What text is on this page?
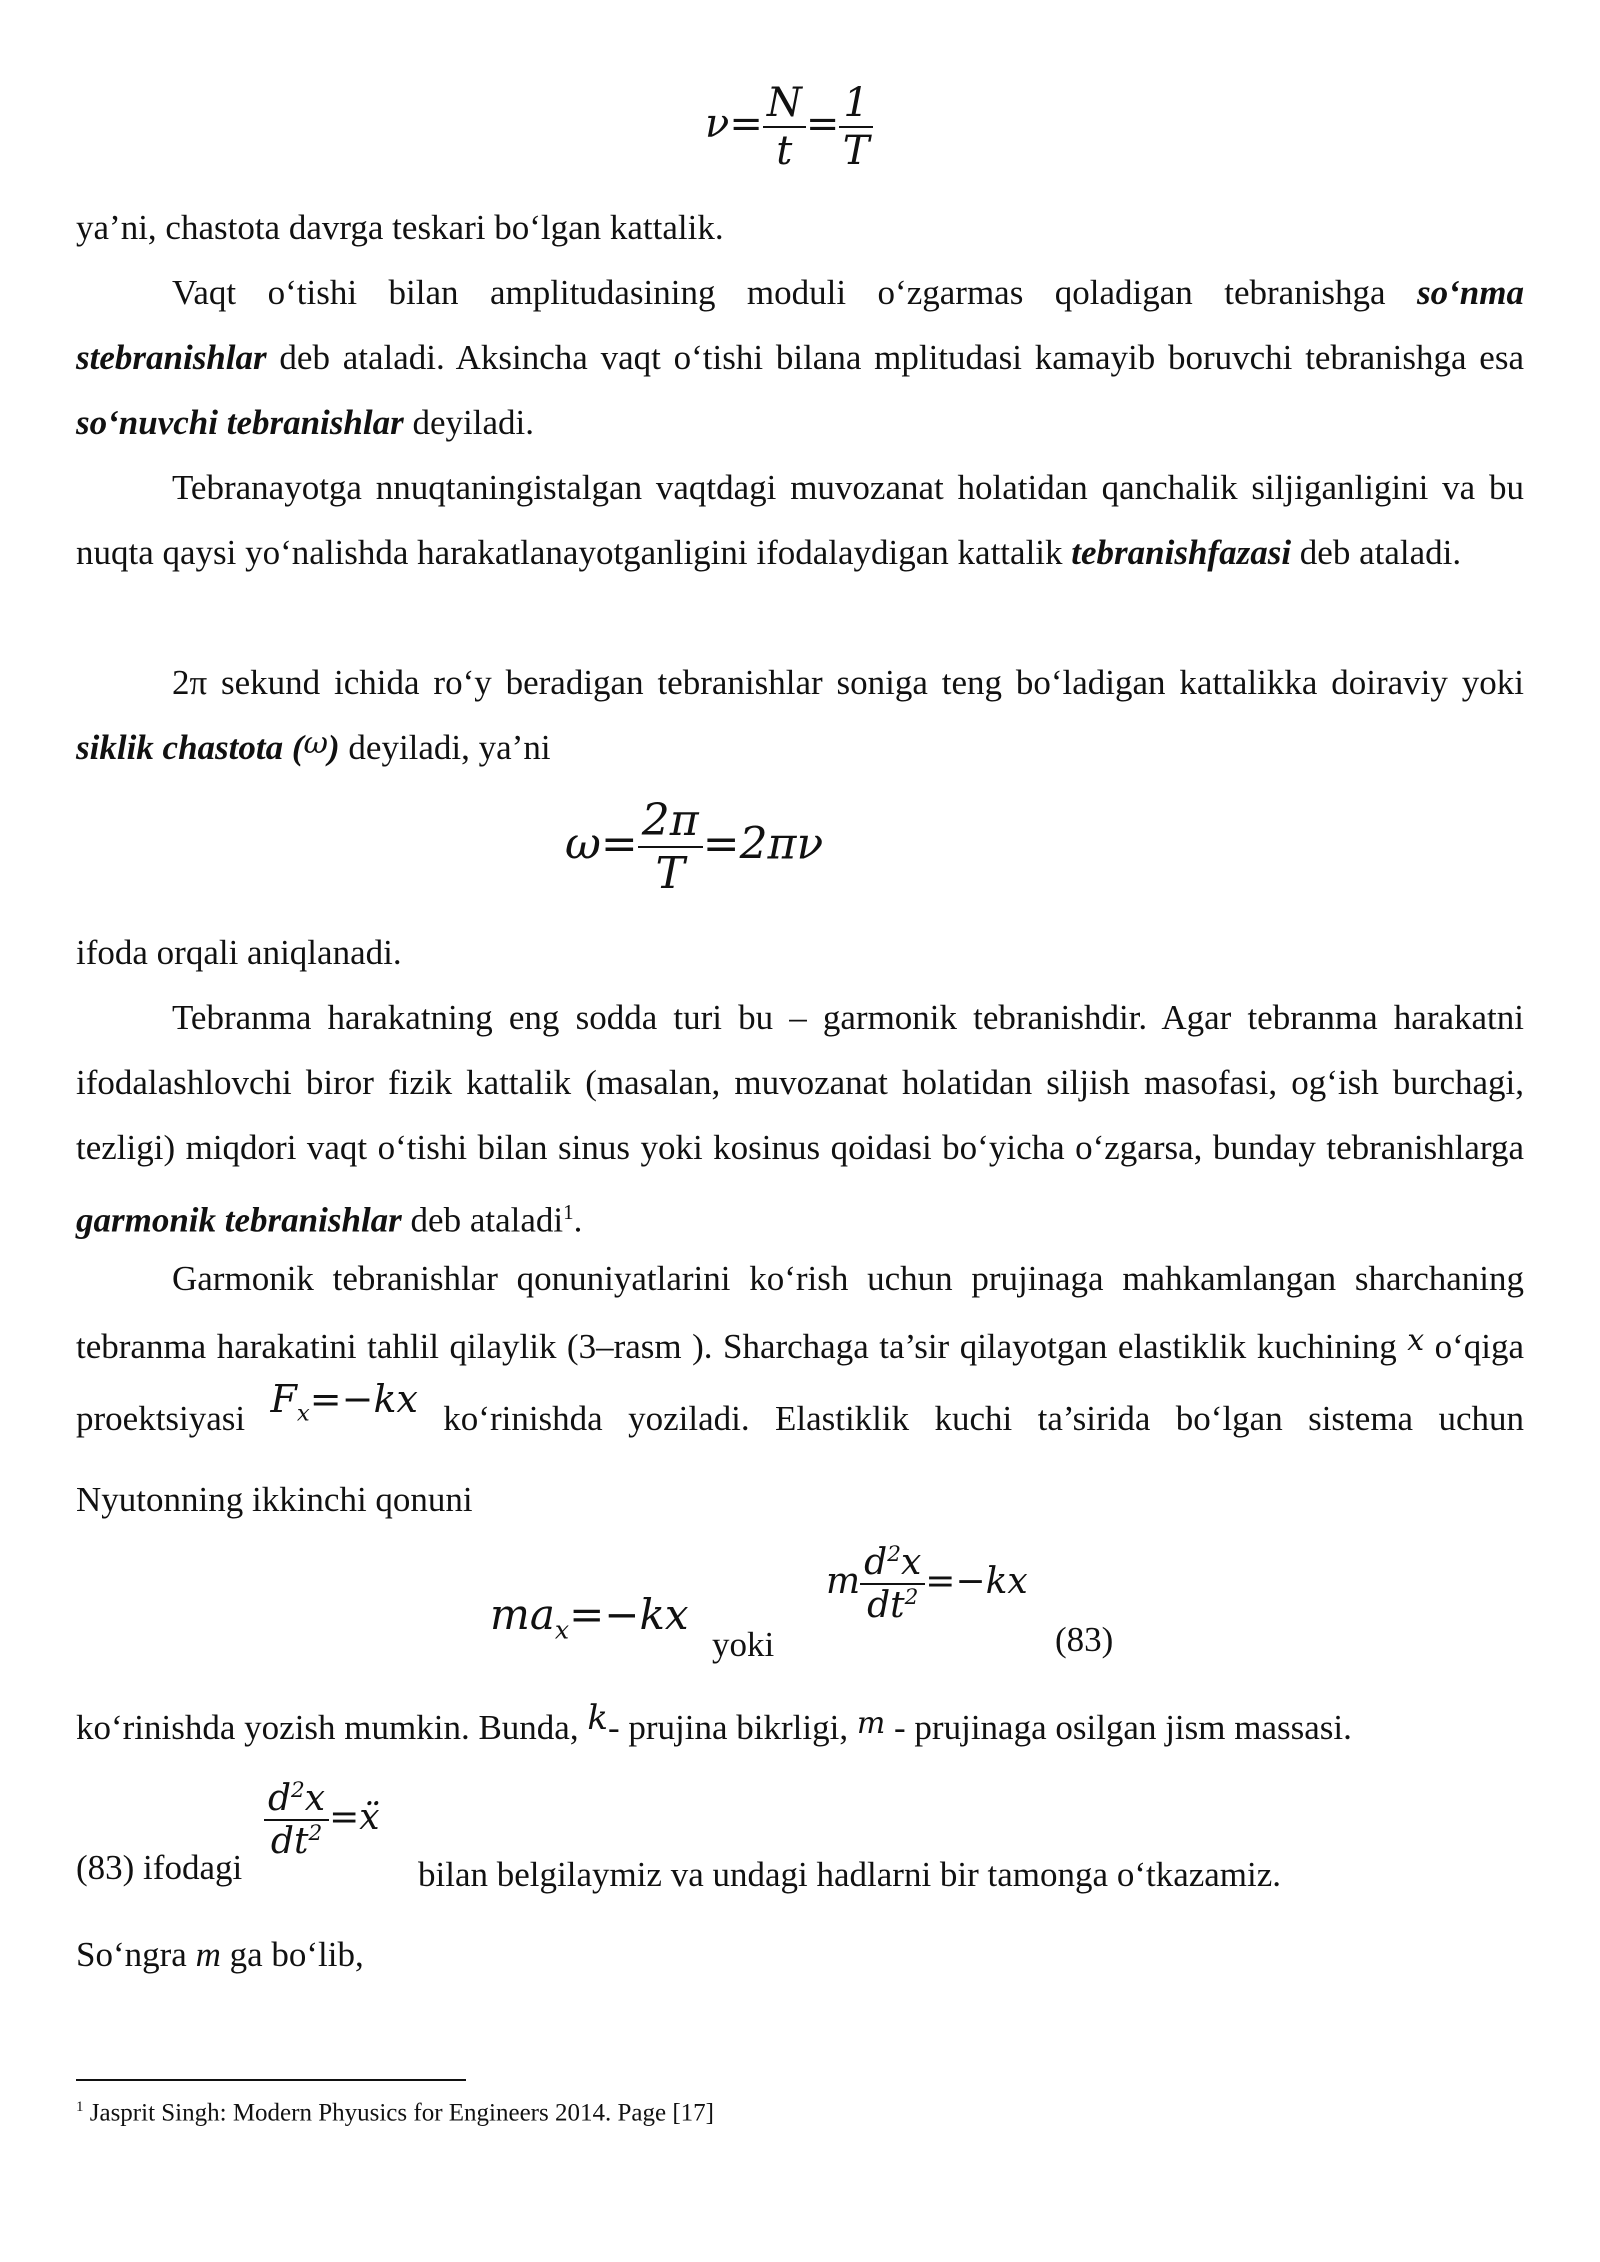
$\nu= \frac{N}{t} = \frac{1}{T}$

ya’ni, chastota davrga teskari bo‘lgan kattalik.

Vaqt o‘tishi bilan amplitudasining moduli o‘zgarmas qoladigan tebranishga so‘nma stebranishlar deb ataladi. Aksincha vaqt o‘tishi bilana mplitudasi kamayib boruvchi tebranishga esa so‘nuvchi tebranishlar deyiladi.

Tebranayotga nnuqtaningistalgan vaqtdagi muvozanat holatidan qanchalik siljiganligini va bu nuqta qaysi yo‘nalishda harakatlanayotganligini ifodalaydigan kattalik tebranishfazasi deb ataladi.

2π sekund ichida ro‘y beradigan tebranishlar soniga teng bo‘ladigan kattalikka doiraviy yoki siklik chastota (ω) deyiladi, ya’ni

$\omega= \frac{2\pi}{T} =2\pi\nu$

ifoda orqali aniqlanadi.

Tebranma harakatning eng sodda turi bu – garmonik tebranishdir. Agar tebranma harakatni ifodalashlovchi biror fizik kattalik (masalan, muvozanat holatidan siljish masofasi, og‘ish burchagi, tezligi) miqdori vaqt o‘tishi bilan sinus yoki kosinus qoidasi bo‘yicha o‘zgarsa, bunday tebranishlarga garmonik tebranishlar deb ataladi$^1$.

Garmonik tebranishlar qonuniyatlarini ko‘rish uchun prujinaga mahkamlangan sharchaning tebranma harakatini tahlil qilaylik (3–rasm ). Sharchaga ta’sir qilayotgan elastiklik kuchining x o‘qiga proektsiyasi $F_x=-kx$ ko‘rinishda yoziladi. Elastiklik kuchi ta’sirida bo‘lgan sistema uchun Nyutonning ikkinchi qonuni

$ma_x=-kx$
yoki
m $\frac{d^2x}{dt^2} =-kx$
(83)

ko‘rinishda yozish mumkin. Bunda, k- prujina bikrligi, m - prujinaga osilgan jism massasi.

(83) ifodagi
$\frac{d^2x}{dt^2}$ =ẍ
bilan belgilaymiz va undagi hadlarni bir tamonga o‘tkazamiz.

So‘ngra m ga bo‘lib,

$^1$ Jasprit Singh: Modern Phyusics for Engineers 2014. Page [17]
